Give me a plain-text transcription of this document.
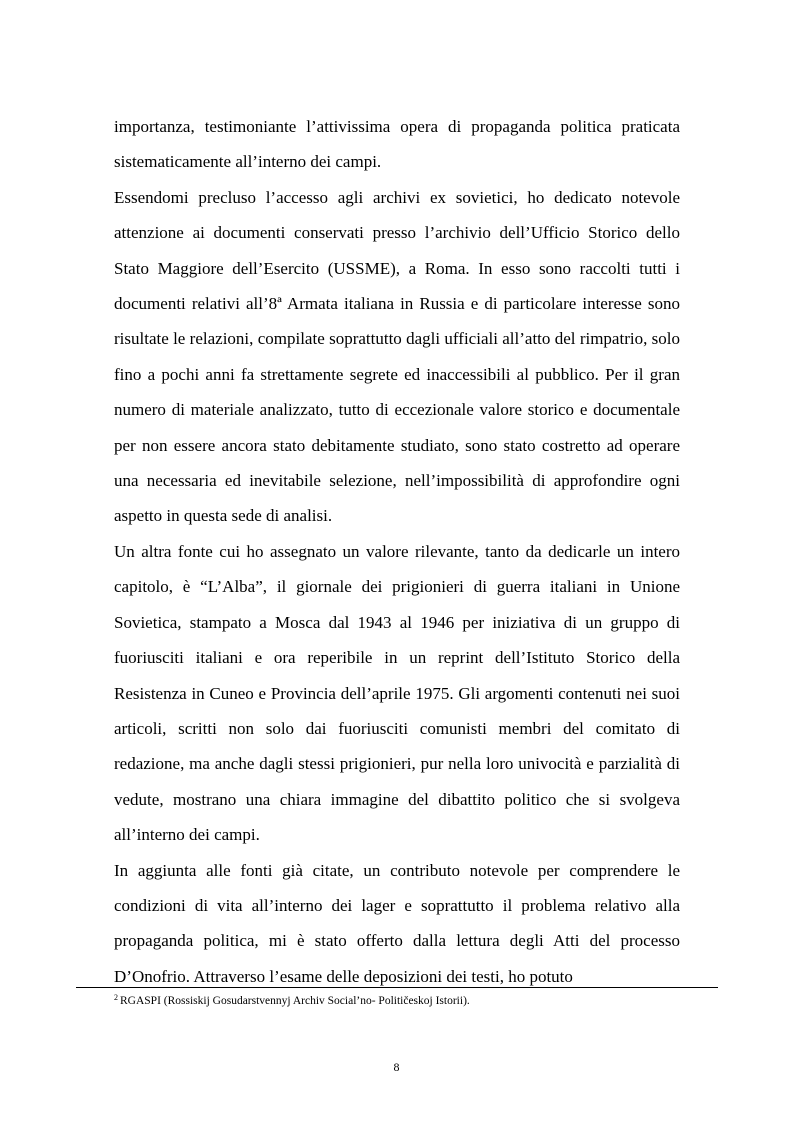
importanza, testimoniante l’attivissima opera di propaganda politica praticata sistematicamente all’interno dei campi.

Essendomi precluso l’accesso agli archivi ex sovietici, ho dedicato notevole attenzione ai documenti conservati presso l’archivio dell’Ufficio Storico dello Stato Maggiore dell’Esercito (USSME), a Roma. In esso sono raccolti tutti i documenti relativi all’8ª Armata italiana in Russia e di particolare interesse sono risultate le relazioni, compilate soprattutto dagli ufficiali all’atto del rimpatrio, solo fino a pochi anni fa strettamente segrete ed inaccessibili al pubblico. Per il gran numero di materiale analizzato, tutto di eccezionale valore storico e documentale per non essere ancora stato debitamente studiato, sono stato costretto ad operare una necessaria ed inevitabile selezione, nell’impossibilità di approfondire ogni aspetto in questa sede di analisi.

Un altra fonte cui ho assegnato un valore rilevante, tanto da dedicarle un intero capitolo, è “L’Alba”, il giornale dei prigionieri di guerra italiani in Unione Sovietica, stampato a Mosca dal 1943 al 1946 per iniziativa di un gruppo di fuoriusciti italiani e ora reperibile in un reprint dell’Istituto Storico della Resistenza in Cuneo e Provincia dell’aprile 1975. Gli argomenti contenuti nei suoi articoli, scritti non solo dai fuoriusciti comunisti membri del comitato di redazione, ma anche dagli stessi prigionieri, pur nella loro univocità e parzialità di vedute, mostrano una chiara immagine del dibattito politico che si svolgeva all’interno dei campi.

In aggiunta alle fonti già citate, un contributo notevole per comprendere le condizioni di vita all’interno dei lager e soprattutto il problema relativo alla propaganda politica, mi è stato offerto dalla lettura degli Atti del processo D’Onofrio. Attraverso l’esame delle deposizioni dei testi, ho potuto

$^2$ RGASPI (Rossiskij Gosudarstvennyj Archiv Social’no- Političeskoj Istorii).
8
